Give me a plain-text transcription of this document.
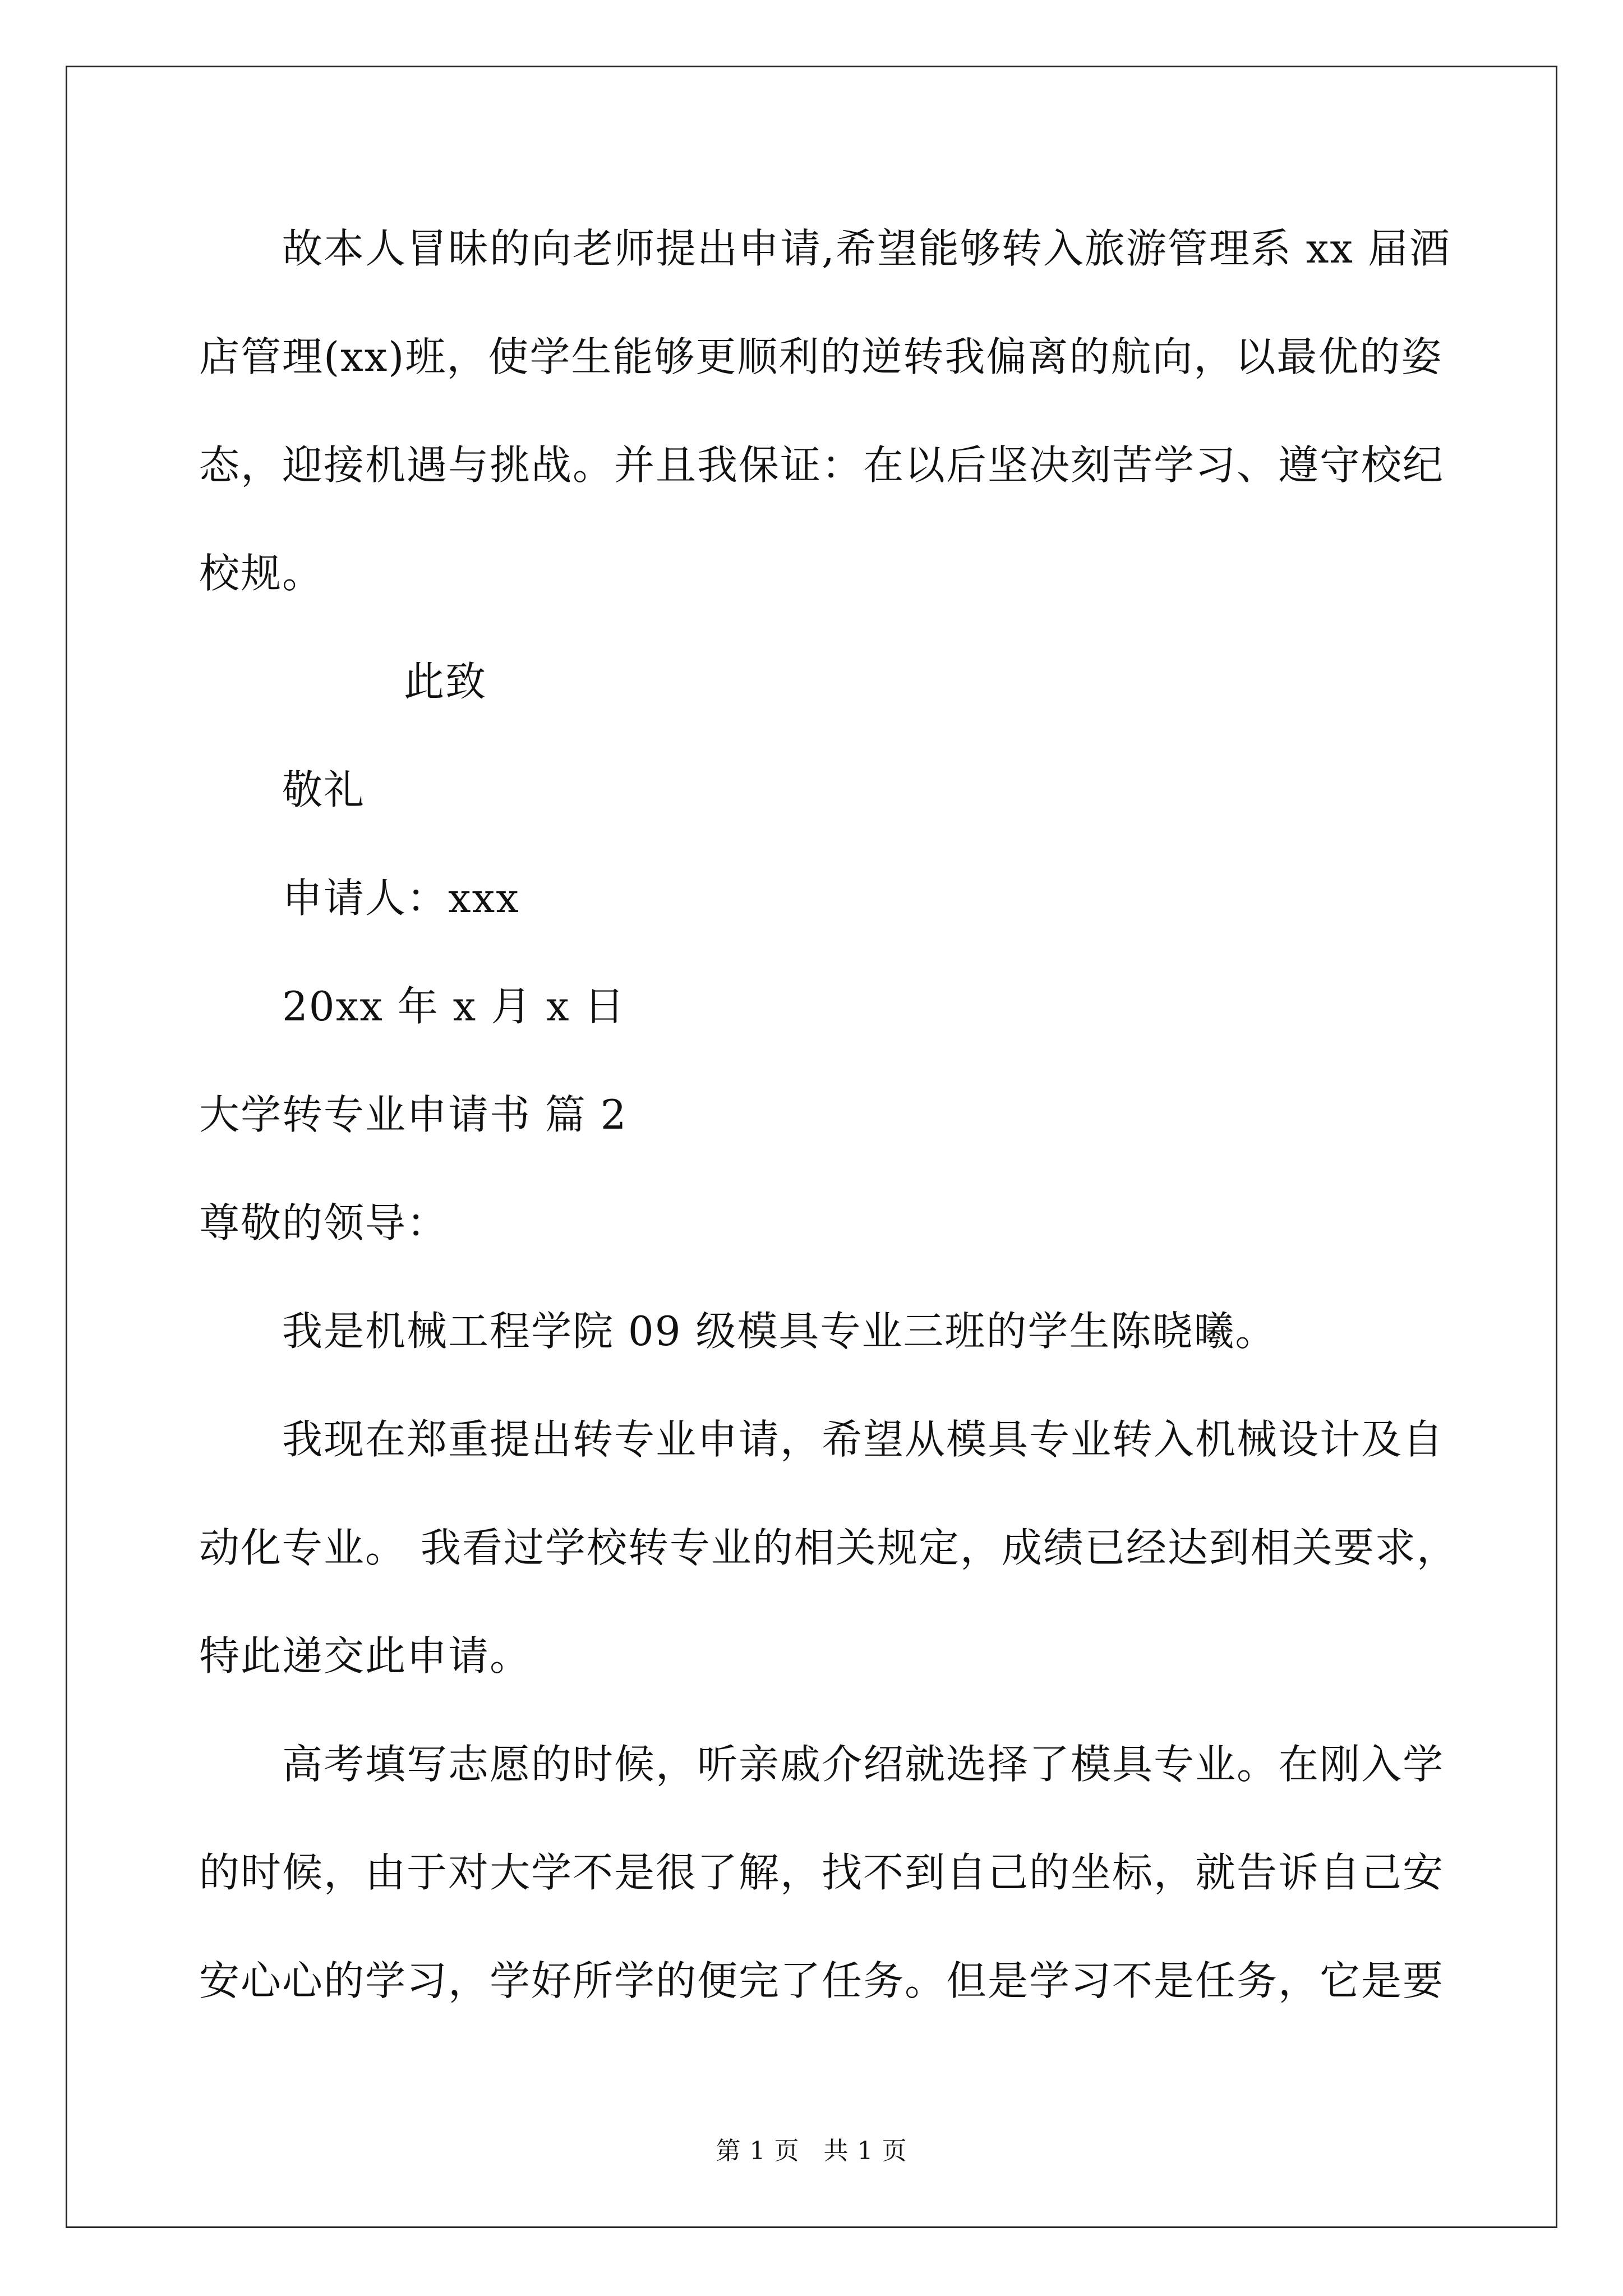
故本人冒昧的向老师提出申请,希望能够转入旅游管理系 xx 届酒
店管理(xx)班，使学生能够更顺利的逆转我偏离的航向，以最优的姿
态，迎接机遇与挑战。并且我保证：在以后坚决刻苦学习、遵守校纪
校规。
此致
敬礼
申请人：xxx
20xx 年 x 月 x 日
大学转专业申请书 篇 2
尊敬的领导：
我是机械工程学院 09 级模具专业三班的学生陈晓曦。
我现在郑重提出转专业申请，希望从模具专业转入机械设计及自
动化专业。 我看过学校转专业的相关规定，成绩已经达到相关要求，
特此递交此申请。
高考填写志愿的时候，听亲戚介绍就选择了模具专业。在刚入学
的时候，由于对大学不是很了解，找不到自己的坐标，就告诉自己安
安心心的学习，学好所学的便完了任务。但是学习不是任务，它是要
第 1 页 共 1 页
